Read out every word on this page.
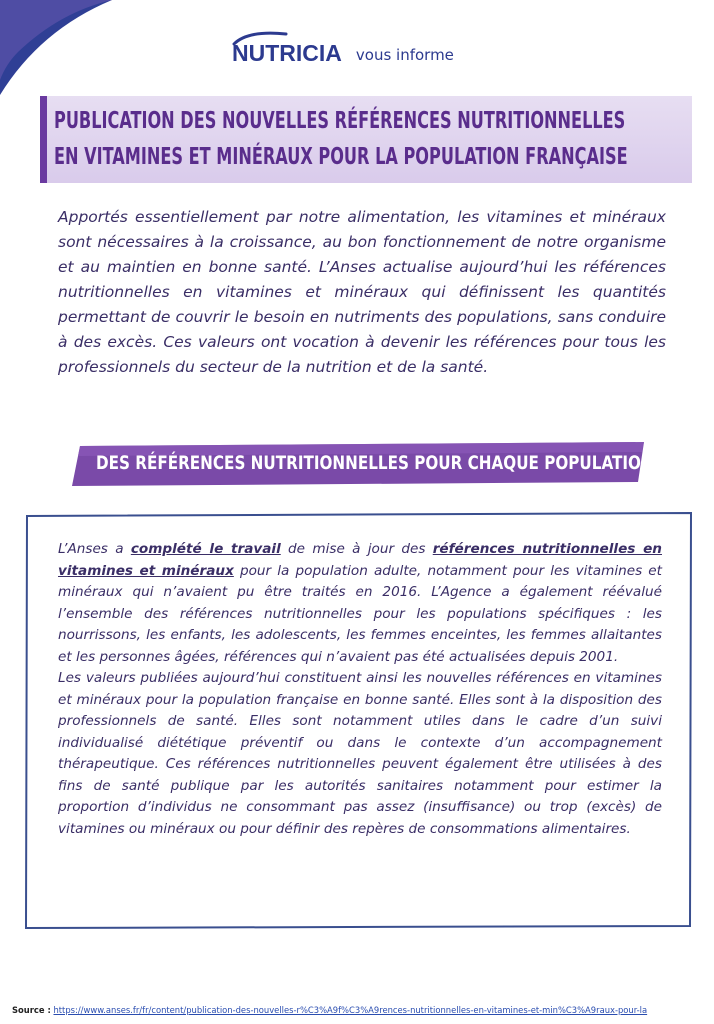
NUTRICIA vous informe
PUBLICATION DES NOUVELLES RÉFÉRENCES NUTRITIONNELLES
EN VITAMINES ET MINÉRAUX POUR LA POPULATION FRANÇAISE

Apportés essentiellement par notre alimentation, les vitamines et minéraux sont nécessaires à la croissance, au bon fonctionnement de notre organisme et au maintien en bonne santé. L’Anses actualise aujourd’hui les références nutritionnelles en vitamines et minéraux qui définissent les quantités permettant de couvrir le besoin en nutriments des populations, sans conduire à des excès. Ces valeurs ont vocation à devenir les références pour tous les professionnels du secteur de la nutrition et de la santé.

DES RÉFÉRENCES NUTRITIONNELLES POUR CHAQUE POPULATION

L’Anses a complété le travail de mise à jour des références nutritionnelles en vitamines et minéraux pour la population adulte, notamment pour les vitamines et minéraux qui n’avaient pu être traités en 2016. L’Agence a également réévalué l’ensemble des références nutritionnelles pour les populations spécifiques : les nourrissons, les enfants, les adolescents, les femmes enceintes, les femmes allaitantes et les personnes âgées, références qui n’avaient pas été actualisées depuis 2001.

Les valeurs publiées aujourd’hui constituent ainsi les nouvelles références en vitamines et minéraux pour la population française en bonne santé. Elles sont à la disposition des professionnels de santé. Elles sont notamment utiles dans le cadre d’un suivi individualisé diététique préventif ou dans le contexte d’un accompagnement thérapeutique. Ces références nutritionnelles peuvent également être utilisées à des fins de santé publique par les autorités sanitaires notamment pour estimer la proportion d’individus ne consommant pas assez (insuffisance) ou trop (excès) de vitamines ou minéraux ou pour définir des repères de consommations alimentaires.

Source : https://www.anses.fr/fr/content/publication-des-nouvelles-r%C3%A9f%C3%A9rences-nutritionnelles-en-vitamines-et-min%C3%A9raux-pour-la
